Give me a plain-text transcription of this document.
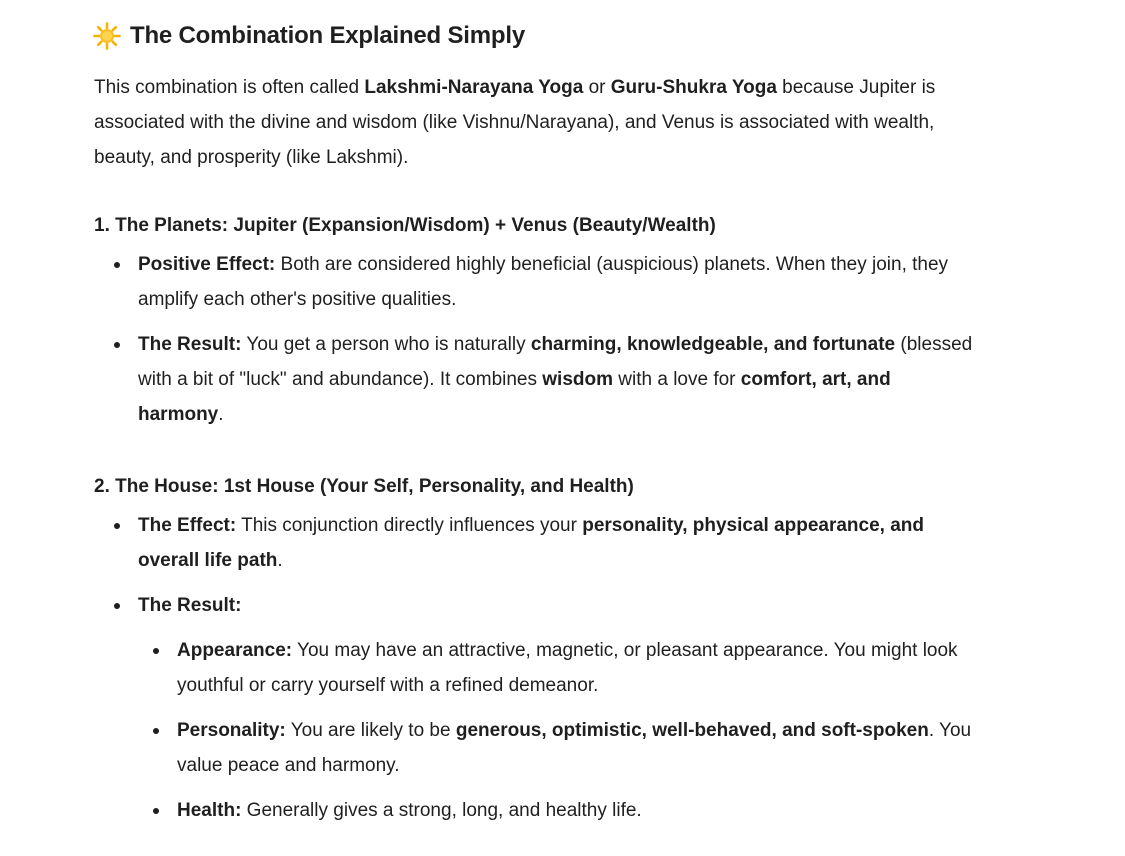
The Combination Explained Simply

This combination is often called Lakshmi-Narayana Yoga or Guru-Shukra Yoga because Jupiter is associated with the divine and wisdom (like Vishnu/Narayana), and Venus is associated with wealth, beauty, and prosperity (like Lakshmi).

1. The Planets: Jupiter (Expansion/Wisdom) + Venus (Beauty/Wealth)
Positive Effect: Both are considered highly beneficial (auspicious) planets. When they join, they amplify each other's positive qualities.
The Result: You get a person who is naturally charming, knowledgeable, and fortunate (blessed with a bit of "luck" and abundance). It combines wisdom with a love for comfort, art, and harmony.
2. The House: 1st House (Your Self, Personality, and Health)
The Effect: This conjunction directly influences your personality, physical appearance, and overall life path.
The Result:
Appearance: You may have an attractive, magnetic, or pleasant appearance. You might look youthful or carry yourself with a refined demeanor.
Personality: You are likely to be generous, optimistic, well-behaved, and soft-spoken. You value peace and harmony.
Health: Generally gives a strong, long, and healthy life.
